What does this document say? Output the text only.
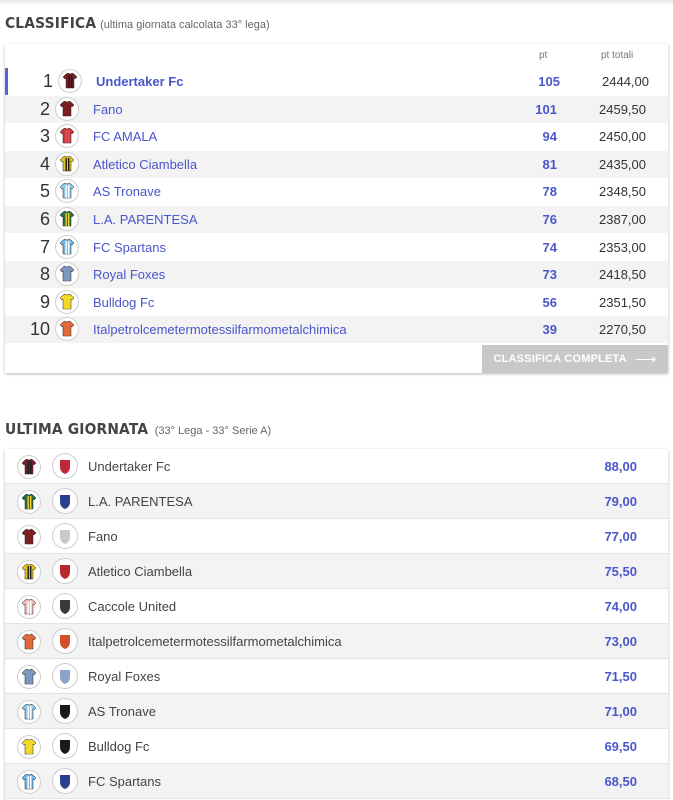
CLASSIFICA (ultima giornata calcolata 33° lega)
pt	pt totali
1	Undertaker Fc	105	2444,00
2	Fano	101	2459,50
3	FC AMALA	94	2450,00
4	Atletico Ciambella	81	2435,00
5	AS Tronave	78	2348,50
6	L.A. PARENTESA	76	2387,00
7	FC Spartans	74	2353,00
8	Royal Foxes	73	2418,50
9	Bulldog Fc	56	2351,50
10	Italpetrolcemetermotessilfarmometalchimica	39	2270,50
CLASSIFICA COMPLETA ⟶
ULTIMA GIORNATA (33° Lega - 33° Serie A)
Undertaker Fc	88,00
L.A. PARENTESA	79,00
Fano	77,00
Atletico Ciambella	75,50
Caccole United	74,00
Italpetrolcemetermotessilfarmometalchimica	73,00
Royal Foxes	71,50
AS Tronave	71,00
Bulldog Fc	69,50
FC Spartans	68,50
